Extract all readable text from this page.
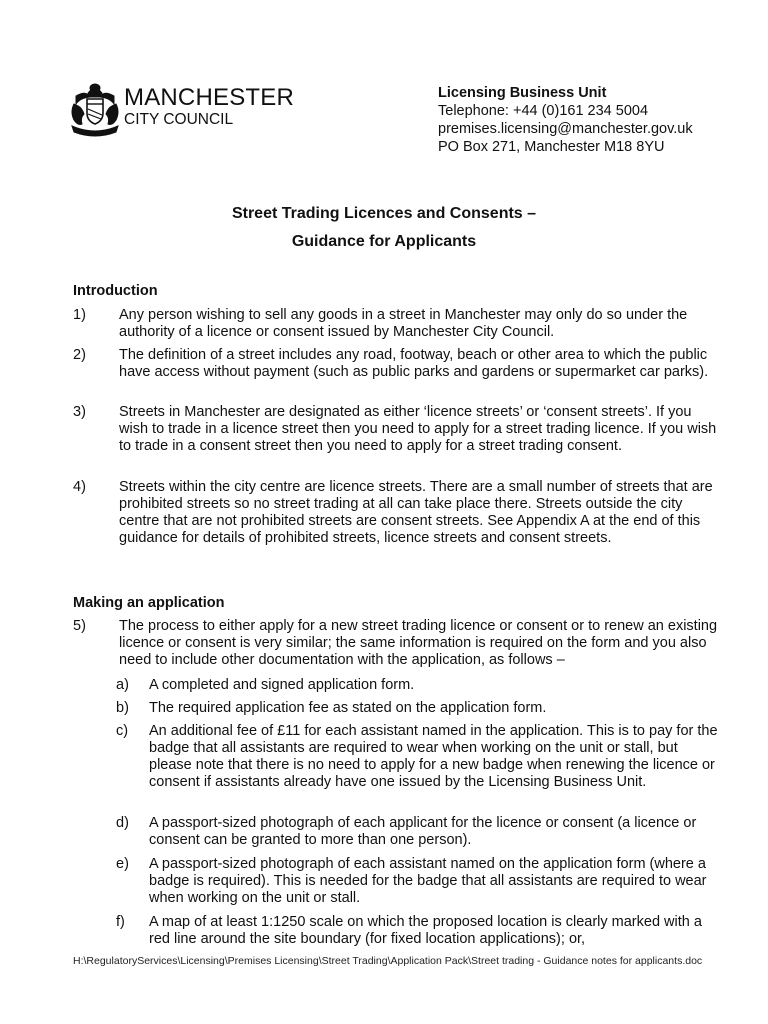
MANCHESTER
CITY COUNCIL
Licensing Business Unit
Telephone: +44 (0)161 234 5004
premises.licensing@manchester.gov.uk
PO Box 271, Manchester M18 8YU
Street Trading Licences and Consents –
Guidance for Applicants
Introduction
1) Any person wishing to sell any goods in a street in Manchester may only do so under the authority of a licence or consent issued by Manchester City Council.
2) The definition of a street includes any road, footway, beach or other area to which the public have access without payment (such as public parks and gardens or supermarket car parks).
3) Streets in Manchester are designated as either ‘licence streets’ or ‘consent streets’. If you wish to trade in a licence street then you need to apply for a street trading licence. If you wish to trade in a consent street then you need to apply for a street trading consent.
4) Streets within the city centre are licence streets. There are a small number of streets that are prohibited streets so no street trading at all can take place there. Streets outside the city centre that are not prohibited streets are consent streets. See Appendix A at the end of this guidance for details of prohibited streets, licence streets and consent streets.
Making an application
5) The process to either apply for a new street trading licence or consent or to renew an existing licence or consent is very similar; the same information is required on the form and you also need to include other documentation with the application, as follows –
a) A completed and signed application form.
b) The required application fee as stated on the application form.
c) An additional fee of £11 for each assistant named in the application. This is to pay for the badge that all assistants are required to wear when working on the unit or stall, but please note that there is no need to apply for a new badge when renewing the licence or consent if assistants already have one issued by the Licensing Business Unit.
d) A passport-sized photograph of each applicant for the licence or consent (a licence or consent can be granted to more than one person).
e) A passport-sized photograph of each assistant named on the application form (where a badge is required). This is needed for the badge that all assistants are required to wear when working on the unit or stall.
f) A map of at least 1:1250 scale on which the proposed location is clearly marked with a red line around the site boundary (for fixed location applications); or,
H:\RegulatoryServices\Licensing\Premises Licensing\Street Trading\Application Pack\Street trading - Guidance notes for applicants.doc
